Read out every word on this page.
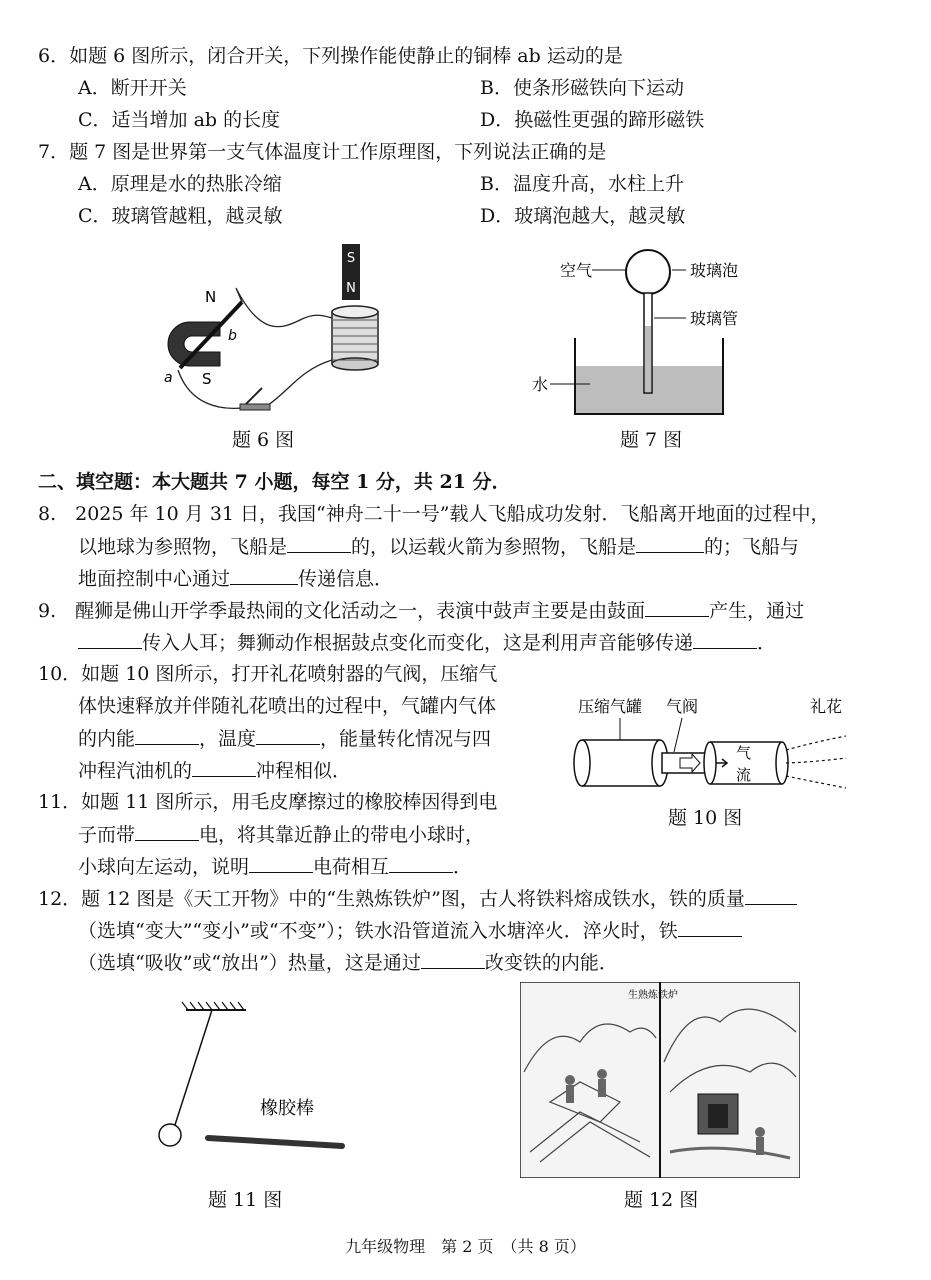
6．如题 6 图所示，闭合开关，下列操作能使静止的铜棒 ab 运动的是
A．断开开关	B．使条形磁铁向下运动
C．适当增加 ab 的长度	D．换磁性更强的蹄形磁铁
7．题 7 图是世界第一支气体温度计工作原理图，下列说法正确的是
A．原理是水的热胀冷缩	B．温度升高，水柱上升
C．玻璃管越粗，越灵敏	D．玻璃泡越大，越灵敏
S
N
N
S
a
b
题 6 图
空气	玻璃泡
玻璃管
水
题 7 图
二、填空题：本大题共 7 小题，每空 1 分，共 21 分．
8.　2025 年 10 月 31 日，我国“神舟二十一号”载人飞船成功发射．飞船离开地面的过程中，
以地球为参照物，飞船是	的，以运载火箭为参照物，飞船是	的；飞船与
地面控制中心通过	传递信息．
9.　醒狮是佛山开学季最热闹的文化活动之一，表演中鼓声主要是由鼓面	产生，通过
传入人耳；舞狮动作根据鼓点变化而变化，这是利用声音能够传递	．
10．如题 10 图所示，打开礼花喷射器的气阀，压缩气
体快速释放并伴随礼花喷出的过程中，气罐内气体
的内能	，温度	，能量转化情况与四
冲程汽油机的	冲程相似．
压缩气罐 气阀	礼花
气
流
题 10 图
11．如题 11 图所示，用毛皮摩擦过的橡胶棒因得到电
子而带	电，将其靠近静止的带电小球时，
小球向左运动，说明	电荷相互	．
12．题 12 图是《天工开物》中的“生熟炼铁炉”图，古人将铁料熔成铁水，铁的质量
（选填“变大”“变小”或“不变”）；铁水沿管道流入水塘淬火．淬火时，铁
（选填“吸收”或“放出”）热量，这是通过	改变铁的内能．
橡胶棒
题 11 图
生熟炼铁炉
题 12 图
九年级物理　第 2 页　（共 8 页）
